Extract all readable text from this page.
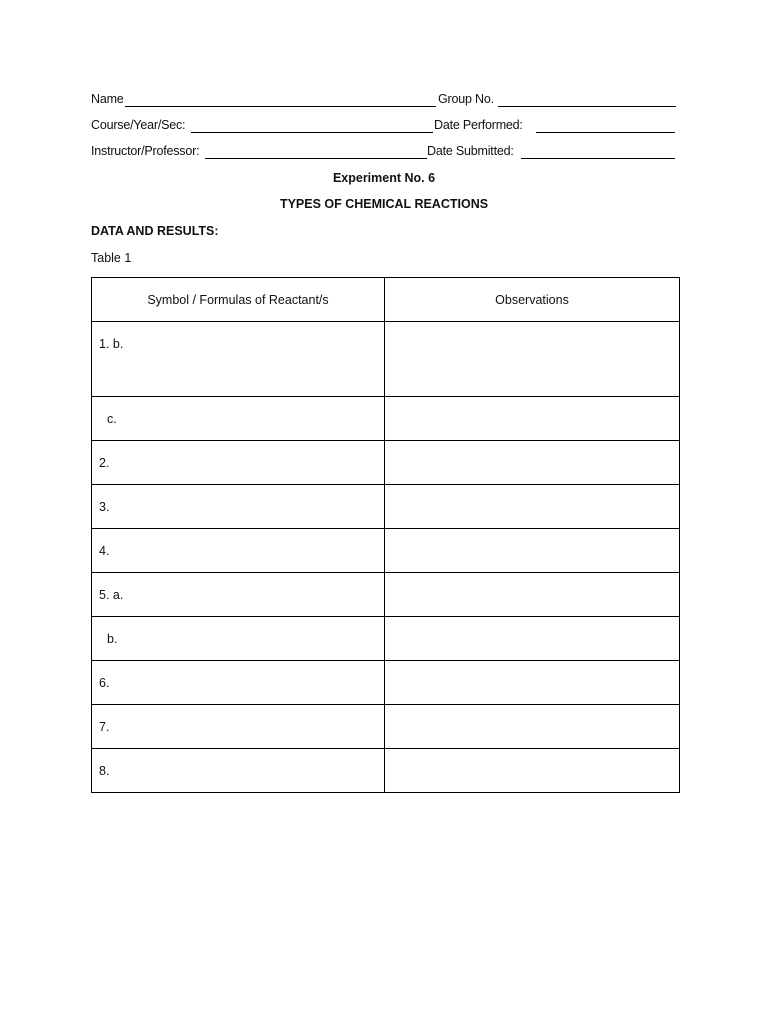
Name	Group No.
Course/Year/Sec:	Date Performed:
Instructor/Professor:	Date Submitted:
Experiment No. 6
TYPES OF CHEMICAL REACTIONS
DATA AND RESULTS:
Table 1
Symbol / Formulas of Reactant/s	Observations
1. b.	
c.	
2.	
3.	
4.	
5. a.	
b.	
6.	
7.	
8.	
